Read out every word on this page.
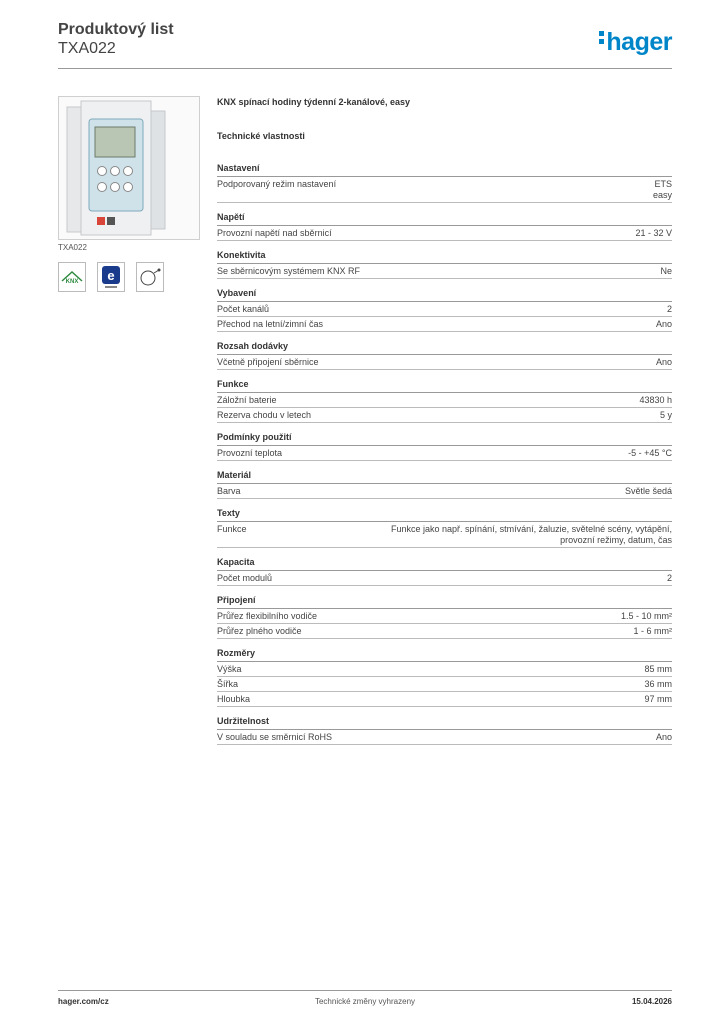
Produktový list
TXA022	hager
TXA022
KNX e
KNX spínací hodiny týdenní 2-kanálové, easy
Technické vlastnosti
Nastavení
Podporovaný režim nastavení	ETS
easy
Napětí
Provozní napětí nad sběrnicí	21 - 32 V
Konektivita
Se sběrnicovým systémem KNX RF	Ne
Vybavení
Počet kanálů	2
Přechod na letní/zimní čas	Ano
Rozsah dodávky
Včetně připojení sběrnice	Ano
Funkce
Záložní baterie	43830 h
Rezerva chodu v letech	5 y
Podmínky použití
Provozní teplota	-5 - +45 °C
Materiál
Barva	Světle šedá
Texty
Funkce	Funkce jako např. spínání, stmívání, žaluzie, světelné scény, vytápění,
provozní režimy, datum, čas
Kapacita
Počet modulů	2
Připojení
Průřez flexibilního vodiče	1.5 - 10 mm²
Průřez plného vodiče	1 - 6 mm²
Rozměry
Výška	85 mm
Šířka	36 mm
Hloubka	97 mm
Udržitelnost
V souladu se směrnicí RoHS	Ano
hager.com/cz	Technické změny vyhrazeny	15.04.2026
